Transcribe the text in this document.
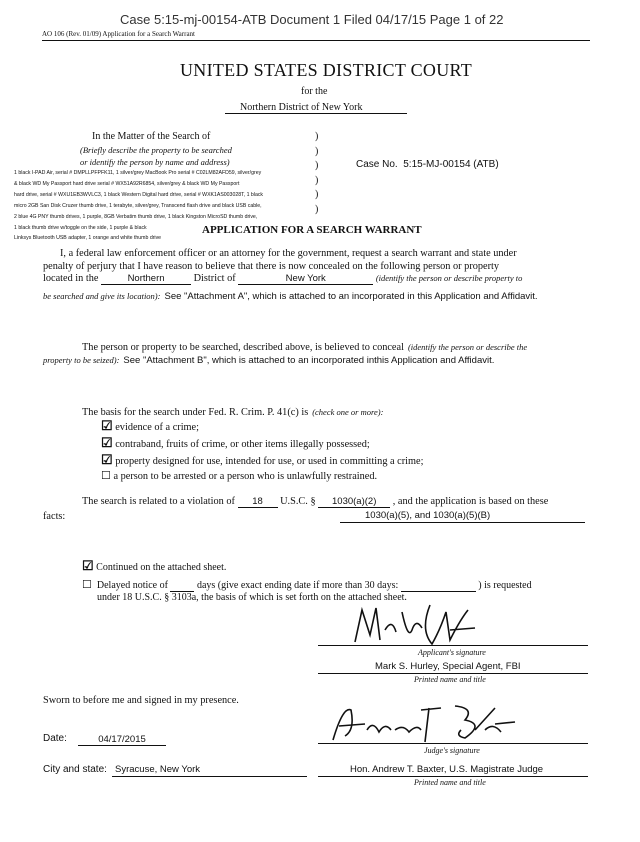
Case 5:15-mj-00154-ATB Document 1 Filed 04/17/15 Page 1 of 22
AO 106 (Rev. 01/09) Application for a Search Warrant
UNITED STATES DISTRICT COURT
for the
Northern District of New York
In the Matter of the Search of
(Briefly describe the property to be searched
or identify the person by name and address)
1 black I-PAD Air, serial # DMPLLPFPFK11, 1 silver/grey MacBook Pro serial # C02LM82AFD59, silver/grey
& black WD My Passport hard drive serial # WX51A92R6854, silver/grey & black WD My Passport
hard drive, serial # WXU1EB3WVLC3, 1 black Western Digital hard drive, serial # WXK1AS003028T, 1 black
micro 2GB San Disk Cruzer thumb drive, 1 terabyte, silver/grey, Transcend flash drive and black USB cable,
2 blue 4G PNY thumb drives, 1 purple, 8GB Verbatim thumb drive, 1 black Kingston MicroSD thumb drive,
1 black thumb drive w/toggle on the side, 1 purple & black
Linksys Bluetooth USB adapter, 1 orange and white thumb drive
)
)
)
)
)
)
Case No. 5:15-MJ-00154 (ATB)
APPLICATION FOR A SEARCH WARRANT
I, a federal law enforcement officer or an attorney for the government, request a search warrant and state under
penalty of perjury that I have reason to believe that there is now concealed on the following person or property
located in the	Northern	District of	New York	(identify the person or describe property to
be searched and give its location): See "Attachment A", which is attached to an incorporated in this Application and Affidavit.
The person or property to be searched, described above, is believed to conceal (identify the person or describe the
property to be seized): See "Attachment B", which is attached to an incorporated inthis Application and Affidavit.
The basis for the search under Fed. R. Crim. P. 41(c) is (check one or more):
☑ evidence of a crime;
☑ contraband, fruits of crime, or other items illegally possessed;
☑ property designed for use, intended for use, or used in committing a crime;
☐ a person to be arrested or a person who is unlawfully restrained.
The search is related to a violation of 18 U.S.C. § 1030(a)(2) , and the application is based on these
facts:	1030(a)(5), and 1030(a)(5)(B)
☑ Continued on the attached sheet.
☐ Delayed notice of	days (give exact ending date if more than 30 days:	) is requested
under 18 U.S.C. § 3103a, the basis of which is set forth on the attached sheet.
Applicant's signature
Mark S. Hurley, Special Agent, FBI
Printed name and title
Sworn to before me and signed in my presence.
Date:	04/17/2015
Judge's signature
City and state: Syracuse, New York	Hon. Andrew T. Baxter, U.S. Magistrate Judge
Printed name and title
